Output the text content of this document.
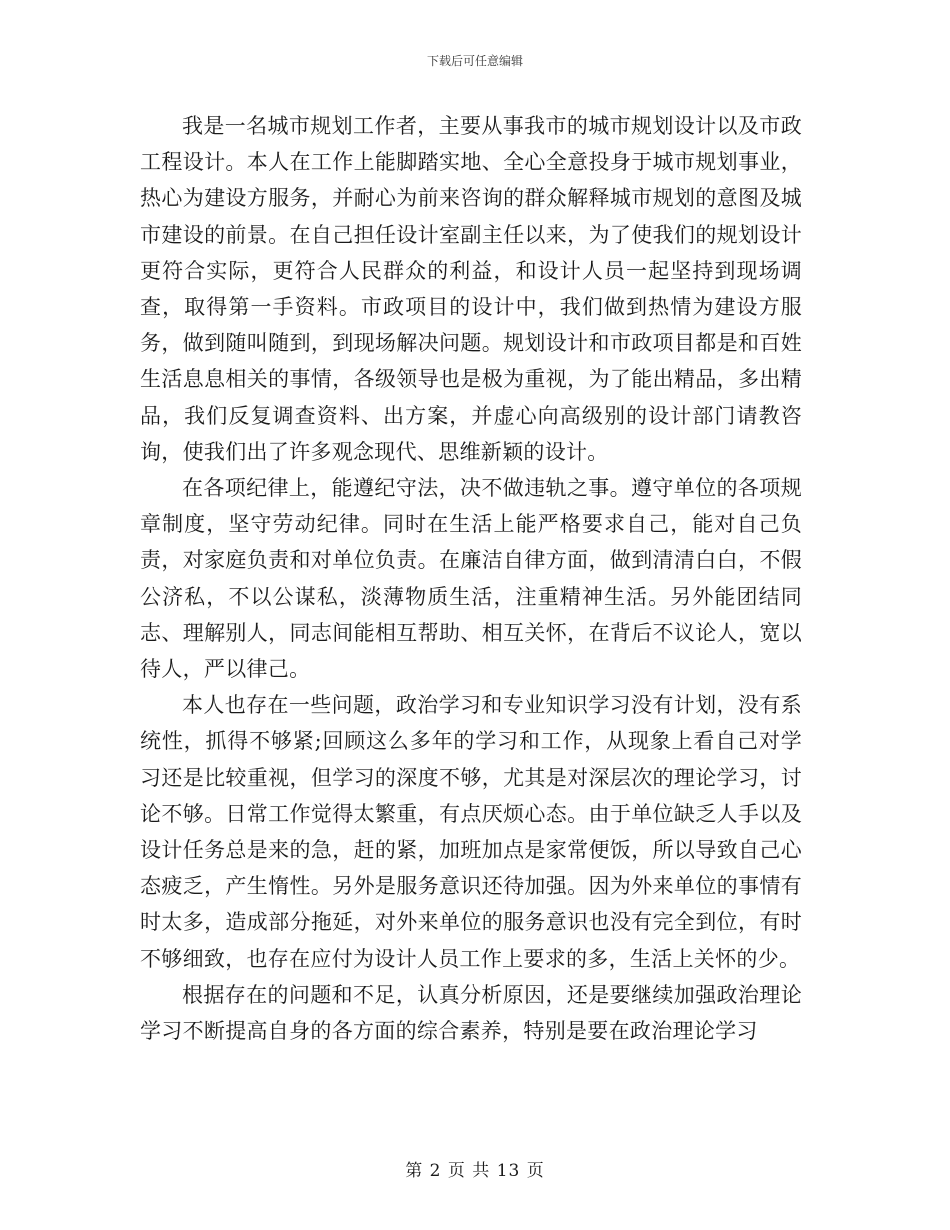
下载后可任意编辑

我是一名城市规划工作者，主要从事我市的城市规划设计以及市政工程设计。本人在工作上能脚踏实地、全心全意投身于城市规划事业，热心为建设方服务，并耐心为前来咨询的群众解释城市规划的意图及城市建设的前景。在自己担任设计室副主任以来，为了使我们的规划设计更符合实际，更符合人民群众的利益，和设计人员一起坚持到现场调查，取得第一手资料。市政项目的设计中，我们做到热情为建设方服务，做到随叫随到，到现场解决问题。规划设计和市政项目都是和百姓生活息息相关的事情，各级领导也是极为重视，为了能出精品，多出精品，我们反复调查资料、出方案，并虚心向高级别的设计部门请教咨询，使我们出了许多观念现代、思维新颖的设计。

在各项纪律上，能遵纪守法，决不做违轨之事。遵守单位的各项规章制度，坚守劳动纪律。同时在生活上能严格要求自己，能对自己负责，对家庭负责和对单位负责。在廉洁自律方面，做到清清白白，不假公济私，不以公谋私，淡薄物质生活，注重精神生活。另外能团结同志、理解别人，同志间能相互帮助、相互关怀，在背后不议论人，宽以待人，严以律己。

本人也存在一些问题，政治学习和专业知识学习没有计划，没有系统性，抓得不够紧;回顾这么多年的学习和工作，从现象上看自己对学习还是比较重视，但学习的深度不够，尤其是对深层次的理论学习，讨论不够。日常工作觉得太繁重，有点厌烦心态。由于单位缺乏人手以及设计任务总是来的急，赶的紧，加班加点是家常便饭，所以导致自己心态疲乏，产生惰性。另外是服务意识还待加强。因为外来单位的事情有时太多，造成部分拖延，对外来单位的服务意识也没有完全到位，有时不够细致，也存在应付为设计人员工作上要求的多，生活上关怀的少。

根据存在的问题和不足，认真分析原因，还是要继续加强政治理论学习不断提高自身的各方面的综合素养，特别是要在政治理论学习

第 2 页 共 13 页
